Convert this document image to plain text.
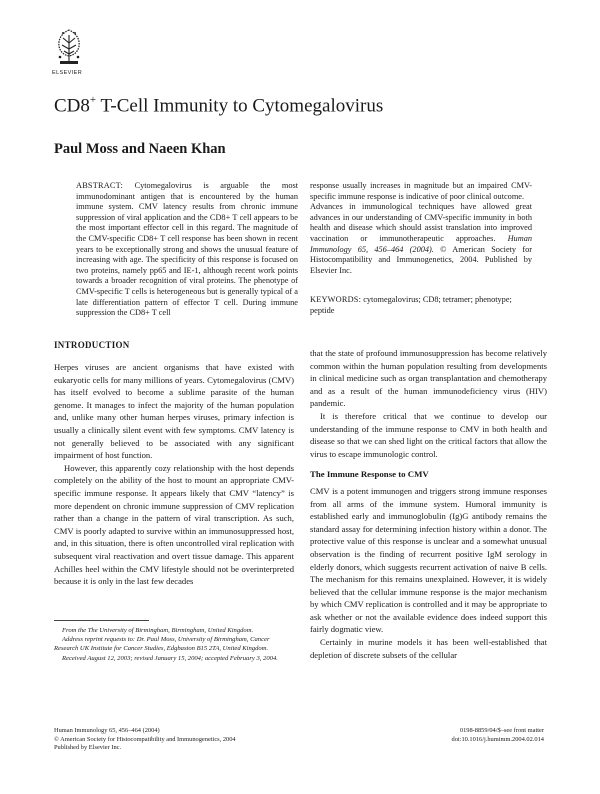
ELSEVIER
CD8+ T-Cell Immunity to Cytomegalovirus
Paul Moss and Naeen Khan
ABSTRACT: Cytomegalovirus is arguable the most immunodominant antigen that is encountered by the human immune system. CMV latency results from chronic immune suppression of viral application and the CD8+ T cell appears to be the most important effector cell in this regard. The magnitude of the CMV-specific CD8+ T cell response has been shown in recent years to be exceptionally strong and shows the unusual feature of increasing with age. The specificity of this response is focused on two proteins, namely pp65 and IE-1, although recent work points towards a broader recognition of viral proteins. The phenotype of CMV-specific T cells is heterogeneous but is generally typical of a late differentiation pattern of effector T cell. During immune suppression the CD8+ T cell
response usually increases in magnitude but an impaired CMV-specific immune response is indicative of poor clinical outcome.
Advances in immunological techniques have allowed great advances in our understanding of CMV-specific immunity in both health and disease which should assist translation into improved vaccination or immunotherapeutic approaches. Human Immunology 65, 456–464 (2004). © American Society for Histocompatibility and Immunogenetics, 2004. Published by Elsevier Inc.
KEYWORDS: cytomegalovirus; CD8; tetramer; phenotype; peptide
INTRODUCTION

Herpes viruses are ancient organisms that have existed with eukaryotic cells for many millions of years. Cytomegalovirus (CMV) has itself evolved to become a sublime parasite of the human genome. It manages to infect the majority of the human population and, unlike many other human herpes viruses, primary infection is usually a clinically silent event with few symptoms. CMV latency is not generally believed to be associated with any significant impairment of host function.

However, this apparently cozy relationship with the host depends completely on the ability of the host to mount an appropriate CMV-specific immune response. It appears likely that CMV “latency” is more dependent on chronic immune suppression of CMV replication rather than a change in the pattern of viral transcription. As such, CMV is poorly adapted to survive within an immunosuppressed host, and, in this situation, there is often uncontrolled viral replication with subsequent viral reactivation and overt tissue damage. This apparent Achilles heel within the CMV lifestyle should not be overinterpreted because it is only in the last few decades

that the state of profound immunosuppression has become relatively common within the human population resulting from developments in clinical medicine such as organ transplantation and chemotherapy and as a result of the human immunodeficiency virus (HIV) pandemic.

It is therefore critical that we continue to develop our understanding of the immune response to CMV in both health and disease so that we can shed light on the critical factors that allow the virus to escape immunologic control.

The Immune Response to CMV

CMV is a potent immunogen and triggers strong immune responses from all arms of the immune system. Humoral immunity is established early and immunoglobulin (Ig)G antibody remains the standard assay for determining infection history within a donor. The protective value of this response is unclear and a somewhat unusual observation is the finding of recurrent positive IgM serology in elderly donors, which suggests recurrent activation of naive B cells. The mechanism for this remains unexplained. However, it is widely believed that the cellular immune response is the major mechanism by which CMV replication is controlled and it may be appropriate to ask whether or not the available evidence does indeed support this fairly dogmatic view.

Certainly in murine models it has been well-established that depletion of discrete subsets of the cellular

From the The University of Birmingham, Birmingham, United Kingdom.

Address reprint requests to: Dr. Paul Moss, University of Birmingham, Cancer Research UK Institute for Cancer Studies, Edgbaston B15 2TA, United Kingdom.

Received August 12, 2003; revised January 15, 2004; accepted February 3, 2004.

Human Immunology 65, 456–464 (2004)
© American Society for Histocompatibility and Immunogenetics, 2004
Published by Elsevier Inc.
0198-8859/04/$–see front matter
doi:10.1016/j.humimm.2004.02.014
